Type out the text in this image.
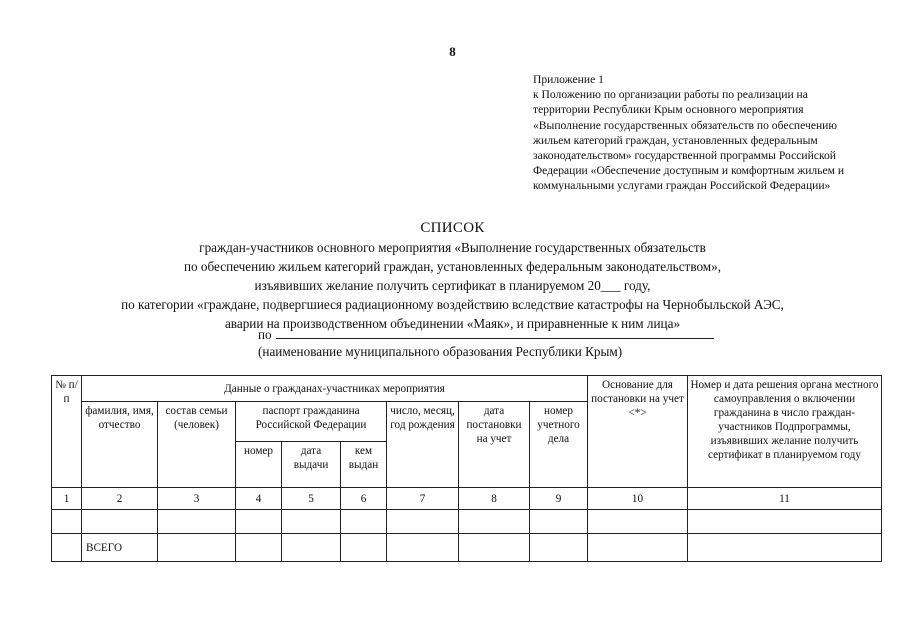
8
Приложение 1
к Положению по организации работы по реализации на
территории Республики Крым основного мероприятия
«Выполнение государственных обязательств по обеспечению
жильем категорий граждан, установленных федеральным
законодательством» государственной программы Российской
Федерации «Обеспечение доступным и комфортным жильем и
коммунальными услугами граждан Российской Федерации»
СПИСОК
граждан-участников основного мероприятия «Выполнение государственных обязательств
по обеспечению жильем категорий граждан, установленных федеральным законодательством»,
изъявивших желание получить сертификат в планируемом 20___ году,
по категории «граждане, подвергшиеся радиационному воздействию вследствие катастрофы на Чернобыльской АЭС,
аварии на производственном объединении «Маяк», и приравненные к ним лица»
по
(наименование муниципального образования Республики Крым)
№ п/п	Данные о гражданах-участниках мероприятия								Основание для постановки на учет <*>	Номер и дата решения органа местного самоуправления о включении гражданина в число граждан-участников Подпрограммы, изъявивших желание получить сертификат в планируемом году
	фамилия, имя, отчество	состав семьи (человек)	паспорт гражданина Российской Федерации			число, месяц, год рождения	дата постановки на учет	номер учетного дела		
			номер	дата выдачи	кем выдан					
1	2	3	4	5	6	7	8	9	10	11

	ВСЕГО									
